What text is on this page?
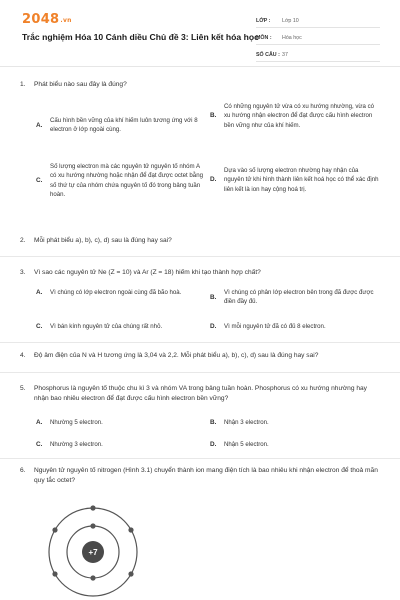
2048.vn
Trắc nghiệm Hóa 10 Cánh diều Chủ đề 3: Liên kết hóa học
LỚP :	Lớp 10
MÔN :	Hóa học
SỐ CÂU : 37
1.	Phát biểu nào sau đây là đúng?
A.
Cấu hình bền vững của khí hiếm luôn tương ứng với 8 electron ở lớp ngoài cùng.
B.
Có những nguyên tử vừa có xu hướng nhường, vừa có xu hướng nhận electron để đạt được cấu hình electron bền vững như của khí hiếm.
C.
Số lượng electron mà các nguyên tử nguyên tố nhóm A có xu hướng nhường hoặc nhận để đạt được octet bằng số thứ tự của nhóm chứa nguyên tố đó trong bảng tuần hoàn.
D.
Dựa vào số lượng electron nhường hay nhận của nguyên tử khi hình thành liên kết hoá học có thể xác định liên kết là ion hay cộng hoá trị.
2.	Mỗi phát biểu a), b), c), d) sau là đúng hay sai?
3.	Vì sao các nguyên tử Ne (Z = 10) và Ar (Z = 18) hiếm khi tạo thành hợp chất?
A.	Vì chúng có lớp electron ngoài cùng đã bão hoà.
B.
Vì chúng có phân lớp electron bên trong đã được được điền đầy đủ.
C.	Vì bán kính nguyên tử của chúng rất nhỏ.	D.	Vì mỗi nguyên tử đã có đủ 8 electron.
4.	Độ âm điện của N và H tương ứng là 3,04 và 2,2. Mỗi phát biểu a), b), c), d) sau là đúng hay sai?
5.	Phosphorus là nguyên tố thuộc chu kì 3 và nhóm VA trong bảng tuần hoàn. Phosphorus có xu hướng nhường hay nhận bao nhiêu electron để đạt được cấu hình electron bền vững?
A.	Nhường 5 electron.	B.	Nhận 3 electron.
C.	Nhường 3 electron.	D.	Nhận 5 electron.
6.	Nguyên tử nguyên tố nitrogen (Hình 3.1) chuyển thành ion mang điện tích là bao nhiêu khi nhận electron để thoả mãn quy tắc octet?
+7
